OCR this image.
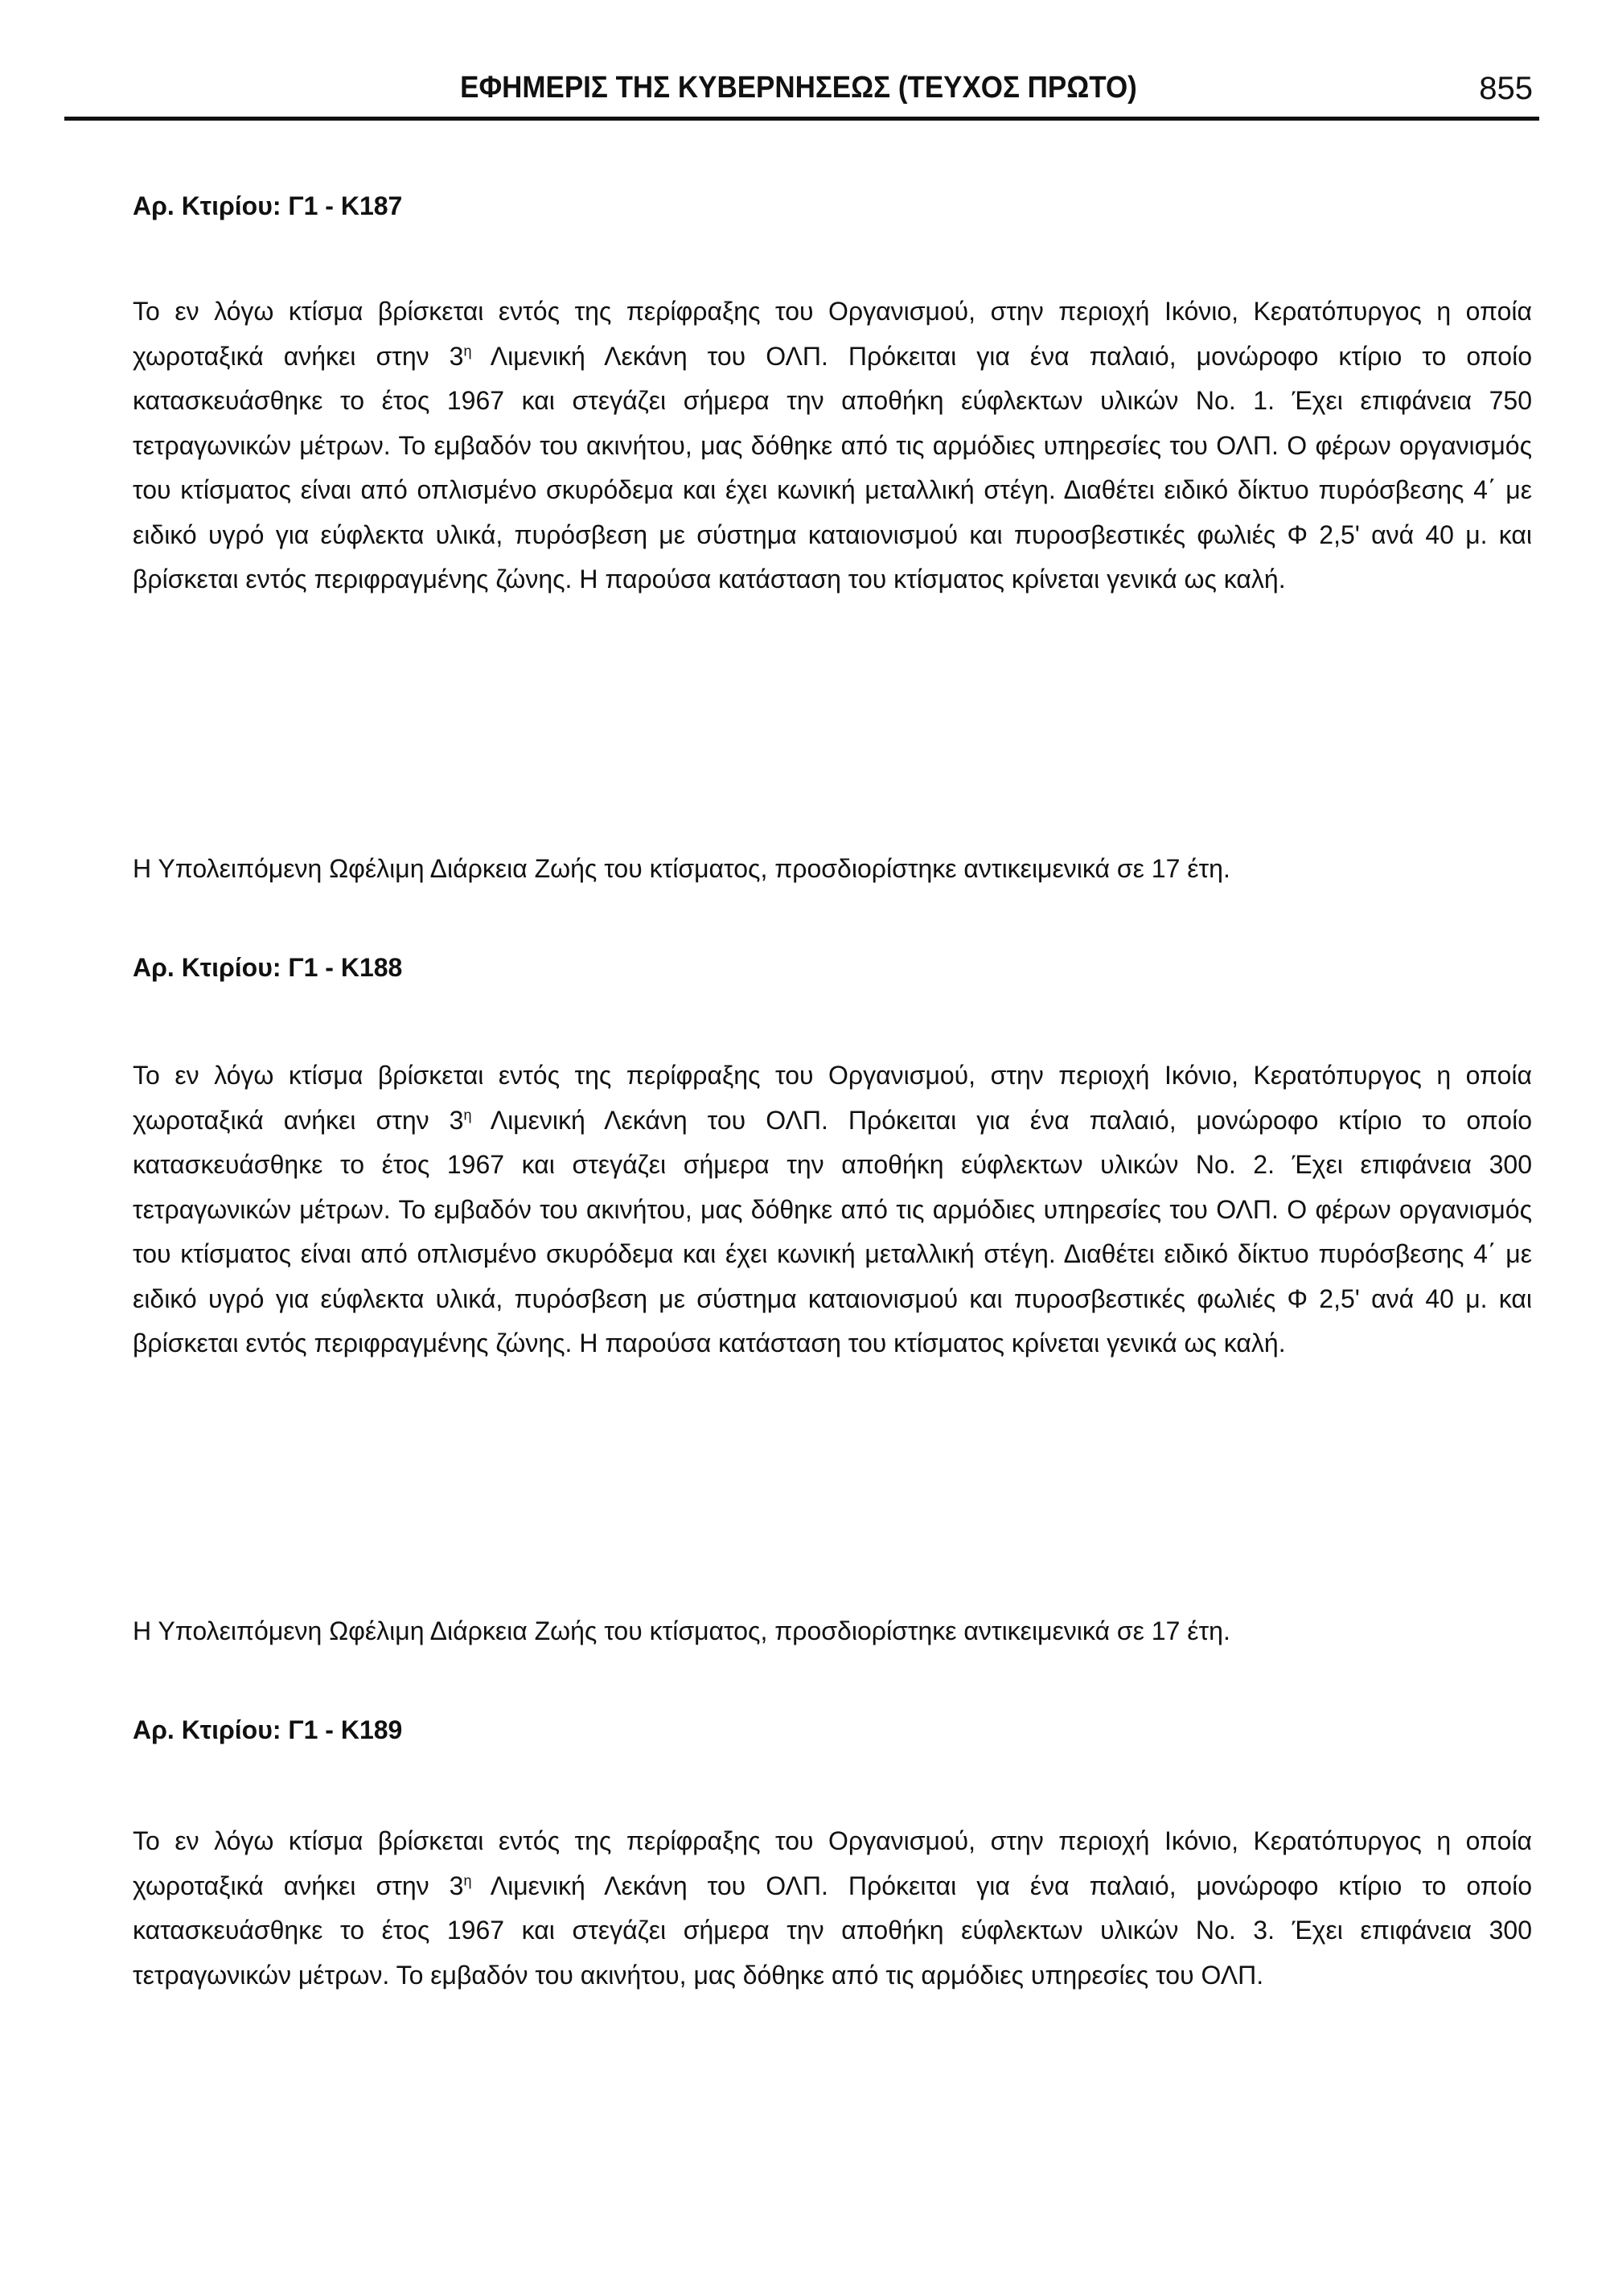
ΕΦΗΜΕΡΙΣ ΤΗΣ ΚΥΒΕΡΝΗΣΕΩΣ (ΤΕΥΧΟΣ ΠΡΩΤΟ)	855
Αρ. Κτιρίου: Γ1 - Κ187
Το εν λόγω κτίσμα βρίσκεται εντός της περίφραξης του Οργανισμού, στην περιοχή Ικόνιο, Κερατόπυργος η οποία χωροταξικά ανήκει στην $3^\eta$ Λιμενική Λεκάνη του ΟΛΠ. Πρόκειται για ένα παλαιό, μονώροφο κτίριο το οποίο κατασκευάσθηκε το έτος 1967 και στεγάζει σήμερα την αποθήκη εύφλεκτων υλικών No. 1. Έχει επιφάνεια 750 τετραγωνικών μέτρων. Το εμβαδόν του ακινήτου, μας δόθηκε από τις αρμόδιες υπηρεσίες του ΟΛΠ. Ο φέρων οργανισμός του κτίσματος είναι από οπλισμένο σκυρόδεμα και έχει κωνική μεταλλική στέγη. Διαθέτει ειδικό δίκτυο πυρόσβεσης 4΄ με ειδικό υγρό για εύφλεκτα υλικά, πυρόσβεση με σύστημα καταιονισμού και πυροσβεστικές φωλιές Φ 2,5' ανά 40 μ. και βρίσκεται εντός περιφραγμένης ζώνης. Η παρούσα κατάσταση του κτίσματος κρίνεται γενικά ως καλή.
Η Υπολειπόμενη Ωφέλιμη Διάρκεια Ζωής του κτίσματος, προσδιορίστηκε αντικειμενικά σε 17 έτη.
Αρ. Κτιρίου: Γ1 - Κ188
Το εν λόγω κτίσμα βρίσκεται εντός της περίφραξης του Οργανισμού, στην περιοχή Ικόνιο, Κερατόπυργος η οποία χωροταξικά ανήκει στην $3^\eta$ Λιμενική Λεκάνη του ΟΛΠ. Πρόκειται για ένα παλαιό, μονώροφο κτίριο το οποίο κατασκευάσθηκε το έτος 1967 και στεγάζει σήμερα την αποθήκη εύφλεκτων υλικών No. 2. Έχει επιφάνεια 300 τετραγωνικών μέτρων. Το εμβαδόν του ακινήτου, μας δόθηκε από τις αρμόδιες υπηρεσίες του ΟΛΠ. Ο φέρων οργανισμός του κτίσματος είναι από οπλισμένο σκυρόδεμα και έχει κωνική μεταλλική στέγη. Διαθέτει ειδικό δίκτυο πυρόσβεσης 4΄ με ειδικό υγρό για εύφλεκτα υλικά, πυρόσβεση με σύστημα καταιονισμού και πυροσβεστικές φωλιές Φ 2,5' ανά 40 μ. και βρίσκεται εντός περιφραγμένης ζώνης. Η παρούσα κατάσταση του κτίσματος κρίνεται γενικά ως καλή.
Η Υπολειπόμενη Ωφέλιμη Διάρκεια Ζωής του κτίσματος, προσδιορίστηκε αντικειμενικά σε 17 έτη.
Αρ. Κτιρίου: Γ1 - Κ189
Το εν λόγω κτίσμα βρίσκεται εντός της περίφραξης του Οργανισμού, στην περιοχή Ικόνιο, Κερατόπυργος η οποία χωροταξικά ανήκει στην $3^\eta$ Λιμενική Λεκάνη του ΟΛΠ. Πρόκειται για ένα παλαιό, μονώροφο κτίριο το οποίο κατασκευάσθηκε το έτος 1967 και στεγάζει σήμερα την αποθήκη εύφλεκτων υλικών No. 3. Έχει επιφάνεια 300 τετραγωνικών μέτρων. Το εμβαδόν του ακινήτου, μας δόθηκε από τις αρμόδιες υπηρεσίες του ΟΛΠ.
